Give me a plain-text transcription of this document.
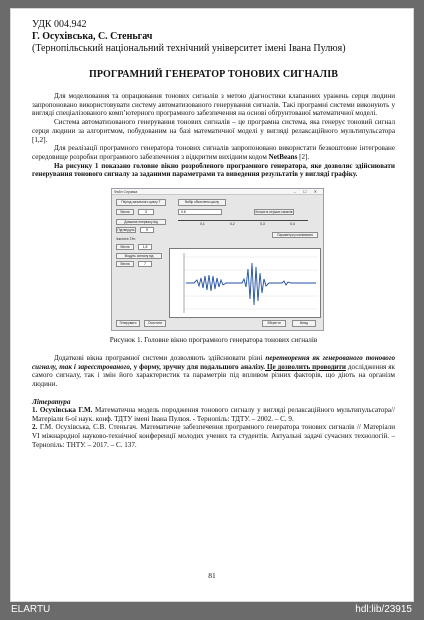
УДК 004.942
Г. Осухівська, С. Стеньгач
(Тернопільський національний технічний університет імені Івана Пулюя)
ПРОГРАМНИЙ ГЕНЕРАТОР ТОНОВИХ СИГНАЛІВ

Для моделювання та опрацювання тонових сигналів з метою діагностики клапанних уражень серця людини запропоновано використовувати систему автоматизованого генерування сигналів. Такі програмні системи виконують у вигляді спеціалізованого комп’ютерного програмного забезпечення на основі обґрунтованої математичної моделі.

Система автоматизованого генерування тонових сигналів – це програмна система, яка генерує тоновий сигнал серця людини за алгоритмом, побудованим на базі математичної моделі у вигляді релаксаційного мультипульсатора [1,2].

Для реалізації програмного генератора тонових сигналів запропоновано використати безкоштовне інтегроване середовище розробки програмного забезпечення з відкритим вихідним кодом NetBeans [2].

На рисунку 1 показано головне вікно розробленого програмного генератора, яке дозволяє здійснювати генерування тонового сигналу за заданими параметрами та виведення результатів у вигляді графіку.

Файл Справка	– ☐ ✕
Період загального циклу T	Вибір обчислень циклу
Весна	3	0.6	Кількість перших каналів
0,1	0,2	0,3	0,4
Довжина інтервалу від
Підтвердіть	5
Параметри розсіювання
Частота T/m
Весна	1,8
Модуль сигналу від
Весна	7
Генерувати	Очистити	Зберегти	Вихід
Рисунок 1. Головне вікно програмного генератора тонових сигналів

Додаткові вікна програмної системи дозволяють здійснювати різні перетворення як генерованого тонового сигналу, так і зареєстрованого, у форму, зручну для подальшого аналізу. Це дозволить проводити дослідження як самого сигналу, так і змін його характеристик та параметрів під впливом різних факторів, що діють на організм людини.

Література

1. Осухівська Г.М. Математична модель породження тонового сигналу у вигляді релаксаційного мультипульсатора// Матеріали 6-ої наук. конф. ТДТУ імені Івана Пулюя. - Тернопіль: ТДТУ. – 2002. – С. 9.

2. Г.М. Осухівська, С.В. Стеньгач. Математичне забезпечення програмного генератора тонових сигналів // Матеріали VІ міжнародної науково-технічної конференції молодих учених та студентів. Актуальні задачі сучасних технологій. – Тернопіль: ТНТУ. – 2017. – С. 137.

81
ELARTU	hdl:lib/23915
